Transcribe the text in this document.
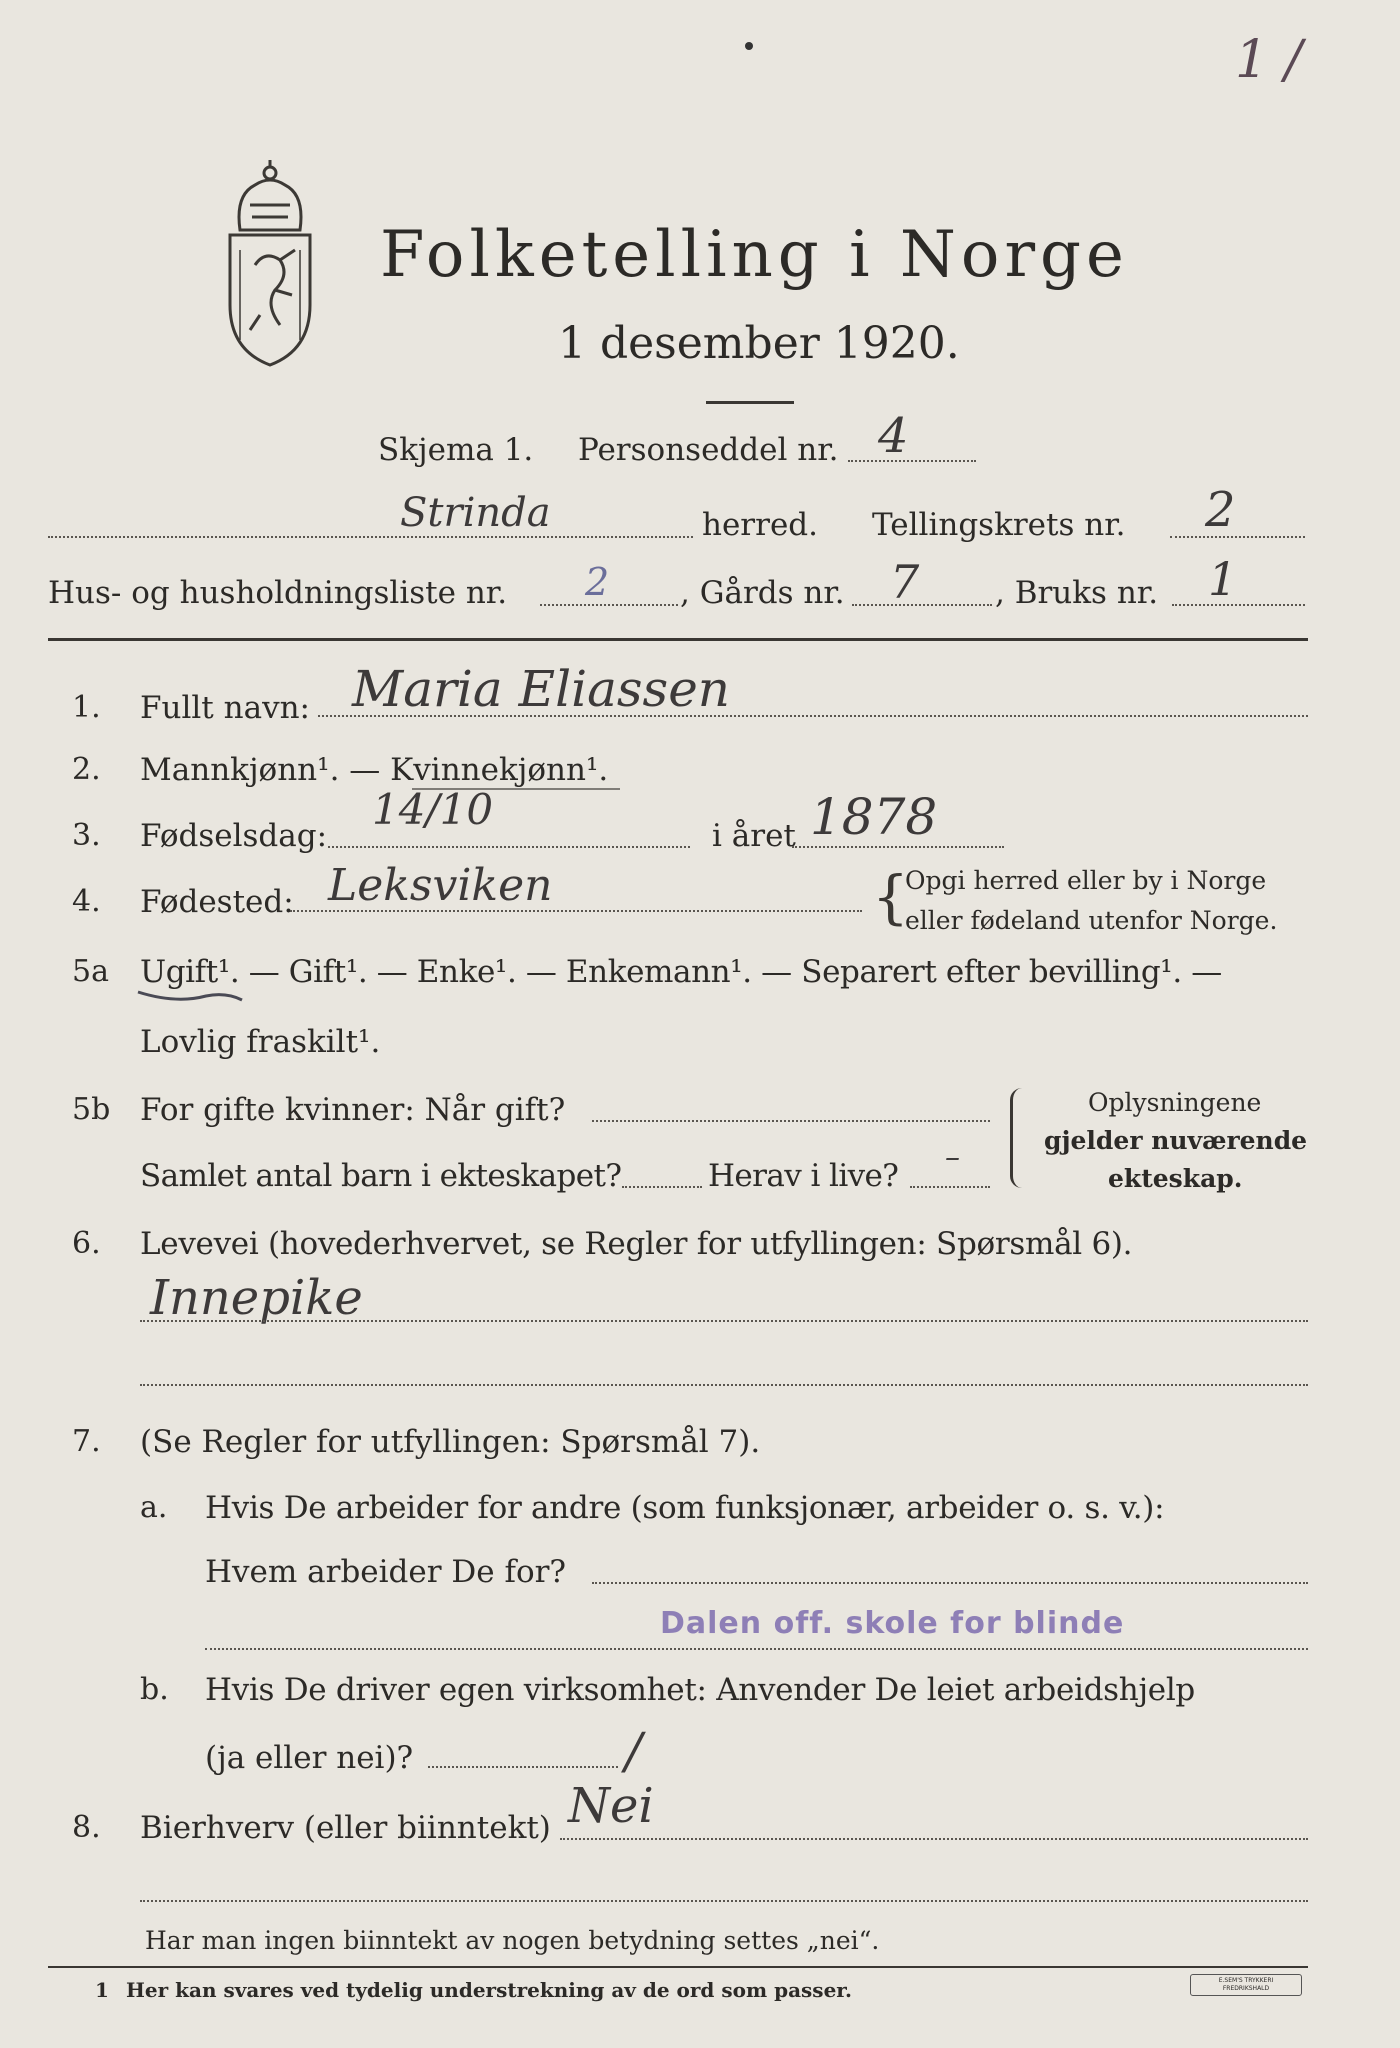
1 /
Folketelling i Norge
1 desember 1920.
Skjema 1. Personseddel nr. 4
Strinda	herred. Tellingskrets nr. 2
Hus- og husholdningsliste nr. 2 , Gårds nr. 7 , Bruks nr. 1
1. Fullt navn: Maria Eliassen
2. Mannkjønn¹. — Kvinnekjønn¹.
3. Fødselsdag:
14/10
i året 1878
4. Fødested: Leksviken	{
Opgi herred eller by i Norge
eller fødeland utenfor Norge.
5a Ugift¹. — Gift¹. — Enke¹. — Enkemann¹. — Separert efter bevilling¹. —
Lovlig fraskilt¹.
5b For gifte kvinner: Når gift?
Samlet antal barn i ekteskapet?	Herav i live?
–
Oplysningene
gjelder nuværende
ekteskap.
6. Levevei (hovederhvervet, se Regler for utfyllingen: Spørsmål 6).
Innepike
7. (Se Regler for utfyllingen: Spørsmål 7).
a. Hvis De arbeider for andre (som funksjonær, arbeider o. s. v.):
Hvem arbeider De for?
Dalen off. skole for blinde
b. Hvis De driver egen virksomhet: Anvender De leiet arbeidshjelp
(ja eller nei)?	/
8. Bierhverv (eller biinntekt) Nei
Har man ingen biinntekt av nogen betydning settes „nei“.
1 Her kan svares ved tydelig understrekning av de ord som passer.	E.SEM'S TRYKKERI
FREDRIKSHALD
